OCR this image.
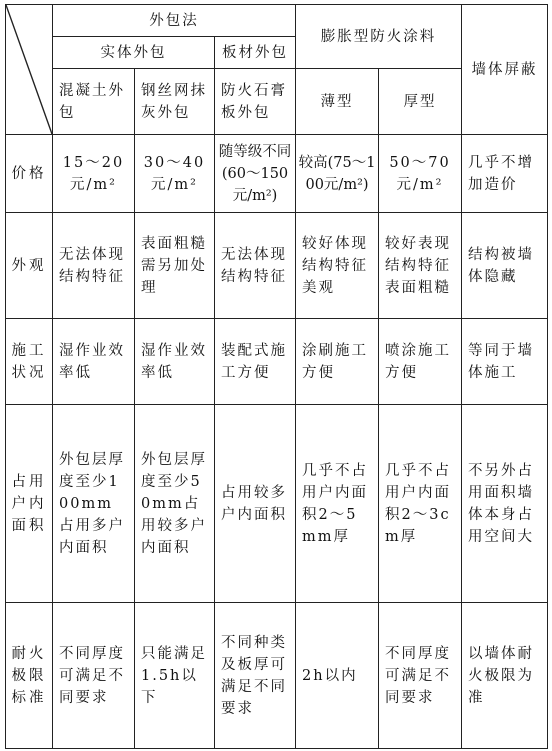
	外包法			膨胀型防火涂料		墙体屏蔽
	实体外包		板材外包			
	混凝土外包	钢丝网抹灰外包	防火石膏板外包	薄型	厚型	
价格	15～20元/m²	30～40元/m²	随等级不同(60～150元/m²)	较高(75～100元/m²)	50～70元/m²	几乎不增加造价
外观	无法体现结构特征	表面粗糙需另加处理	无法体现结构特征	较好体现结构特征美观	较好表现结构特征表面粗糙	结构被墙体隐藏
施工状况	湿作业效率低	湿作业效率低	装配式施工方便	涂刷施工方便	喷涂施工方便	等同于墙体施工
占用户内面积	外包层厚度至少100mm占用多户内面积	外包层厚度至少50mm占用较多户内面积	占用较多户内面积	几乎不占用户内面积2～5mm厚	几乎不占用户内面积2～3cm厚	不另外占用面积墙体本身占用空间大
耐火极限标准	不同厚度可满足不同要求	只能满足1.5h以下	不同种类及板厚可满足不同要求	2h以内	不同厚度可满足不同要求	以墙体耐火极限为准
